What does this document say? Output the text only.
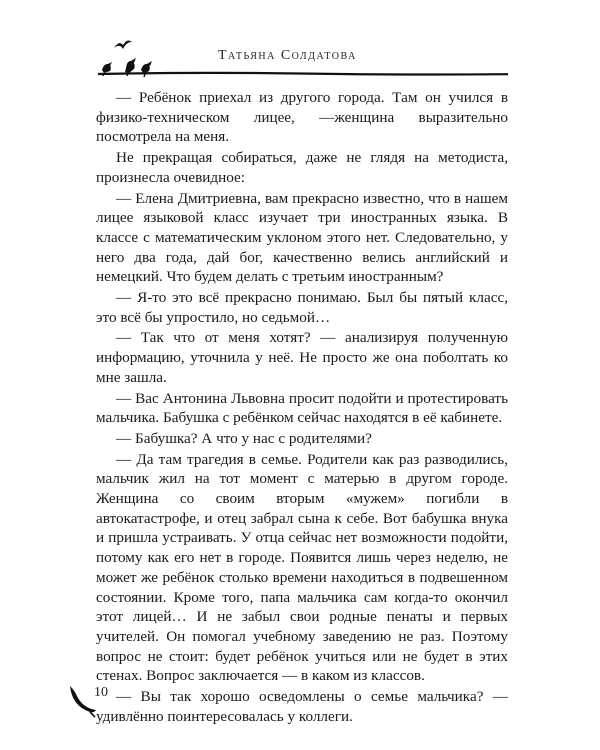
Татьяна Солдатова

— Ребёнок приехал из другого города. Там он учился в физико-техническом лицее, —женщина выразительно посмотрела на меня.

Не прекращая собираться, даже не глядя на методиста, произнесла очевидное:

— Елена Дмитриевна, вам прекрасно известно, что в нашем лицее языковой класс изучает три иностранных языка. В классе с математическим уклоном этого нет. Следовательно, у него два года, дай бог, качественно велись английский и немецкий. Что будем делать с третьим иностранным?

— Я-то это всё прекрасно понимаю. Был бы пятый класс, это всё бы упростило, но седьмой…

— Так что от меня хотят? — анализируя полученную информацию, уточнила у неё. Не просто же она поболтать ко мне зашла.

— Вас Антонина Львовна просит подойти и протестировать мальчика. Бабушка с ребёнком сейчас находятся в её кабинете.

— Бабушка? А что у нас с родителями?

— Да там трагедия в семье. Родители как раз разводились, мальчик жил на тот момент с матерью в другом городе. Женщина со своим вторым «мужем» погибли в автокатастрофе, и отец забрал сына к себе. Вот бабушка внука и пришла устраивать. У отца сейчас нет возможности подойти, потому как его нет в городе. Появится лишь через неделю, не может же ребёнок столько времени находиться в подвешенном состоянии. Кроме того, папа мальчика сам когда-то окончил этот лицей… И не забыл свои родные пенаты и первых учителей. Он помогал учебному заведению не раз. Поэтому вопрос не стоит: будет ребёнок учиться или не будет в этих стенах. Вопрос заключается — в каком из классов.

— Вы так хорошо осведомлены о семье мальчика? — удивлённо поинтересовалась у коллеги.

10
